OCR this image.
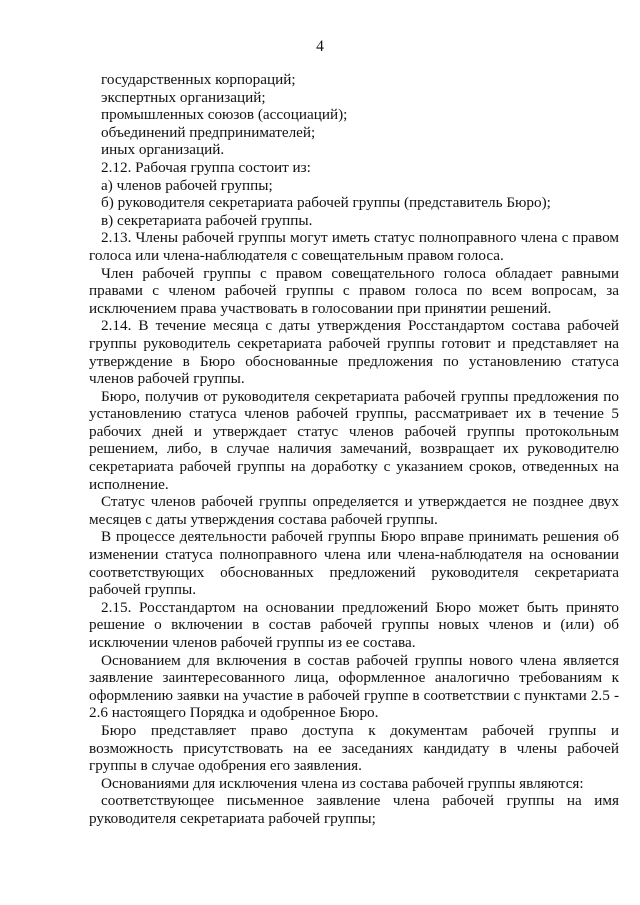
4

государственных корпораций;

экспертных организаций;

промышленных союзов (ассоциаций);

объединений предпринимателей;

иных организаций.

2.12. Рабочая группа состоит из:

а) членов рабочей группы;

б) руководителя секретариата рабочей группы (представитель Бюро);

в) секретариата рабочей группы.

2.13. Члены рабочей группы могут иметь статус полноправного члена с правом голоса или члена-наблюдателя с совещательным правом голоса.

Член рабочей группы с правом совещательного голоса обладает равными правами с членом рабочей группы с правом голоса по всем вопросам, за исключением права участвовать в голосовании при принятии решений.

2.14. В течение месяца с даты утверждения Росстандартом состава рабочей группы руководитель секретариата рабочей группы готовит и представляет на утверждение в Бюро обоснованные предложения по установлению статуса членов рабочей группы.

Бюро, получив от руководителя секретариата рабочей группы предложения по установлению статуса членов рабочей группы, рассматривает их в течение 5 рабочих дней и утверждает статус членов рабочей группы протокольным решением, либо, в случае наличия замечаний, возвращает их руководителю секретариата рабочей группы на доработку с указанием сроков, отведенных на исполнение.

Статус членов рабочей группы определяется и утверждается не позднее двух месяцев с даты утверждения состава рабочей группы.

В процессе деятельности рабочей группы Бюро вправе принимать решения об изменении статуса полноправного члена или члена-наблюдателя на основании соответствующих обоснованных предложений руководителя секретариата рабочей группы.

2.15. Росстандартом на основании предложений Бюро может быть принято решение о включении в состав рабочей группы новых членов и (или) об исключении членов рабочей группы из ее состава.

Основанием для включения в состав рабочей группы нового члена является заявление заинтересованного лица, оформленное аналогично требованиям к оформлению заявки на участие в рабочей группе в соответствии с пунктами 2.5 - 2.6 настоящего Порядка и одобренное Бюро.

Бюро представляет право доступа к документам рабочей группы и возможность присутствовать на ее заседаниях кандидату в члены рабочей группы в случае одобрения его заявления.

Основаниями для исключения члена из состава рабочей группы являются:

соответствующее письменное заявление члена рабочей группы на имя руководителя секретариата рабочей группы;
